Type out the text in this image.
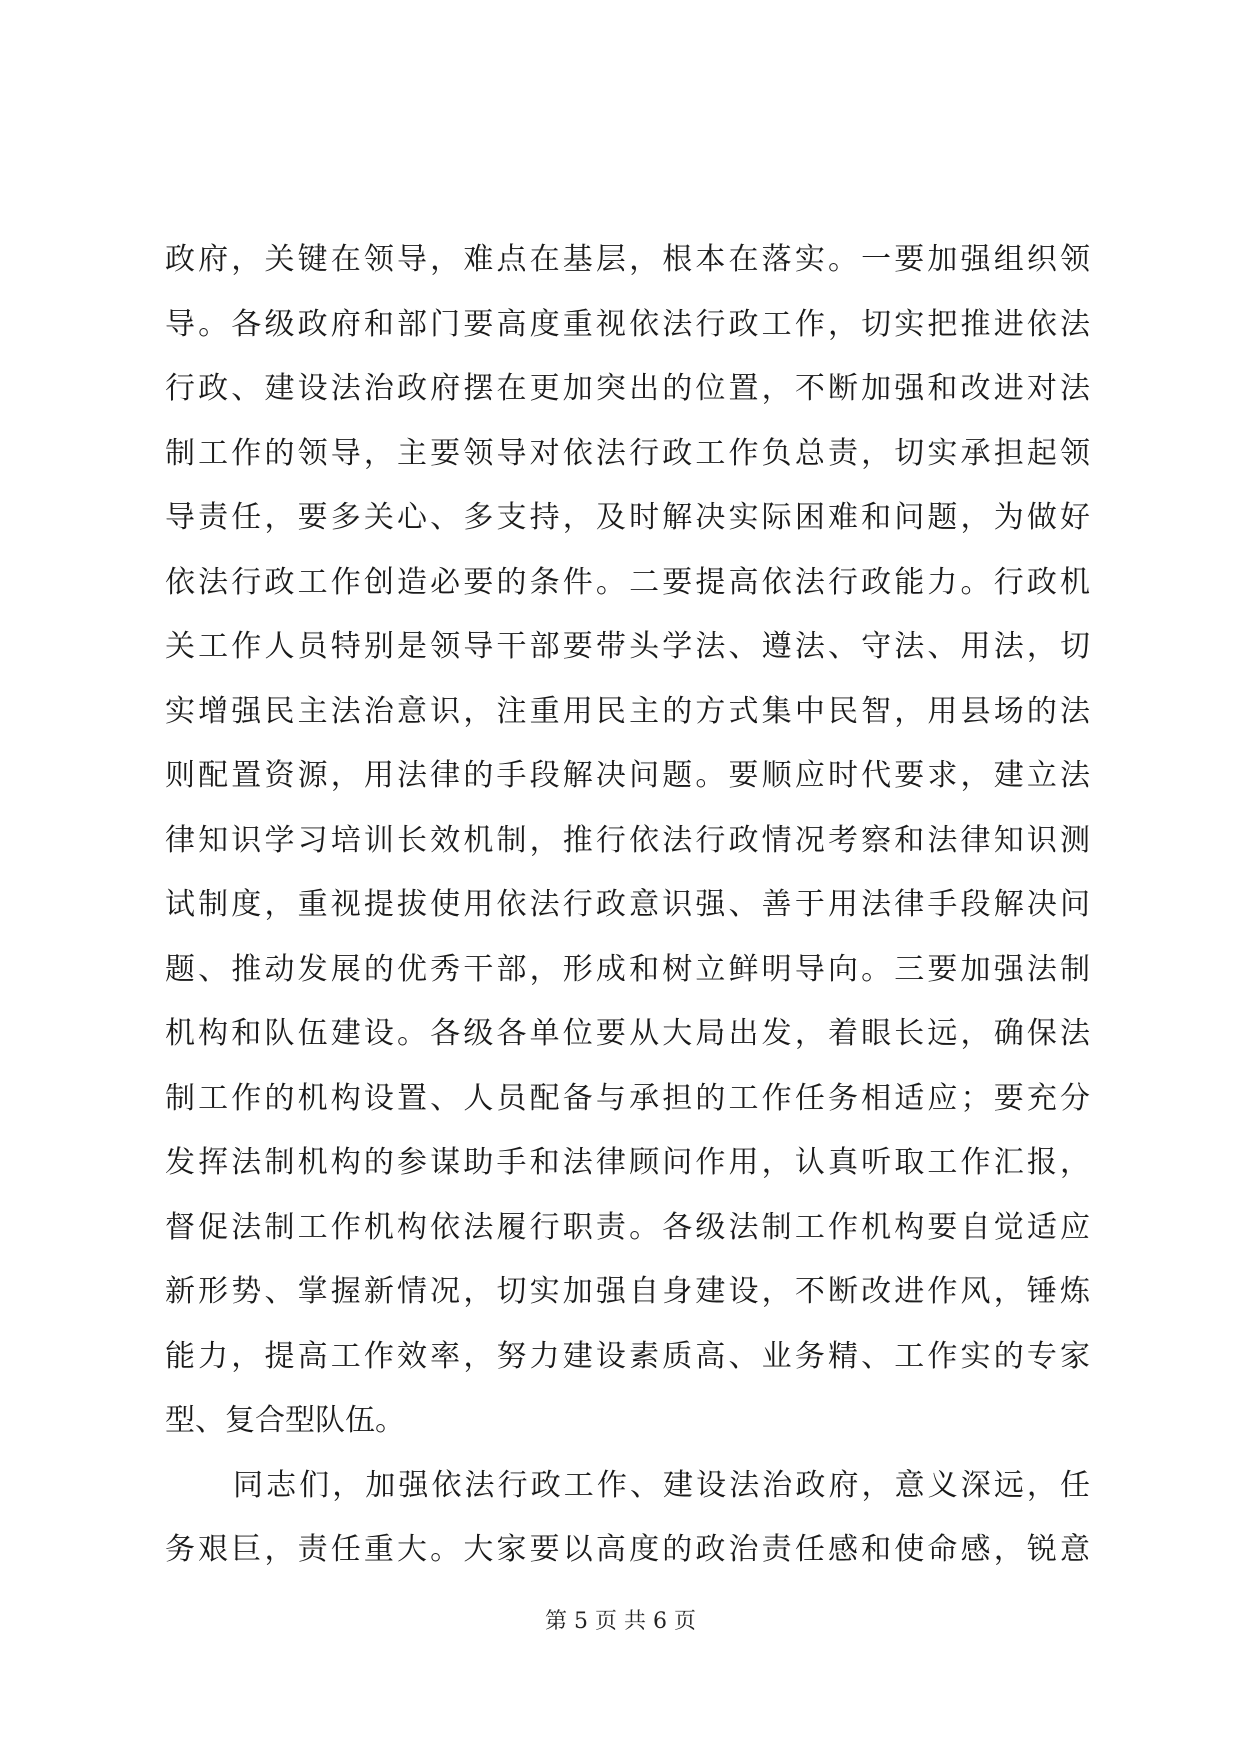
政府，关键在领导，难点在基层，根本在落实。一要加强组织领
导。各级政府和部门要高度重视依法行政工作，切实把推进依法
行政、建设法治政府摆在更加突出的位置，不断加强和改进对法
制工作的领导，主要领导对依法行政工作负总责，切实承担起领
导责任，要多关心、多支持，及时解决实际困难和问题，为做好
依法行政工作创造必要的条件。二要提高依法行政能力。行政机
关工作人员特别是领导干部要带头学法、遵法、守法、用法，切
实增强民主法治意识，注重用民主的方式集中民智，用县场的法
则配置资源，用法律的手段解决问题。要顺应时代要求，建立法
律知识学习培训长效机制，推行依法行政情况考察和法律知识测
试制度，重视提拔使用依法行政意识强、善于用法律手段解决问
题、推动发展的优秀干部，形成和树立鲜明导向。三要加强法制
机构和队伍建设。各级各单位要从大局出发，着眼长远，确保法
制工作的机构设置、人员配备与承担的工作任务相适应；要充分
发挥法制机构的参谋助手和法律顾问作用，认真听取工作汇报，
督促法制工作机构依法履行职责。各级法制工作机构要自觉适应
新形势、掌握新情况，切实加强自身建设，不断改进作风，锤炼
能力，提高工作效率，努力建设素质高、业务精、工作实的专家
型、复合型队伍。
同志们，加强依法行政工作、建设法治政府，意义深远，任
务艰巨，责任重大。大家要以高度的政治责任感和使命感，锐意
第 5 页 共 6 页
